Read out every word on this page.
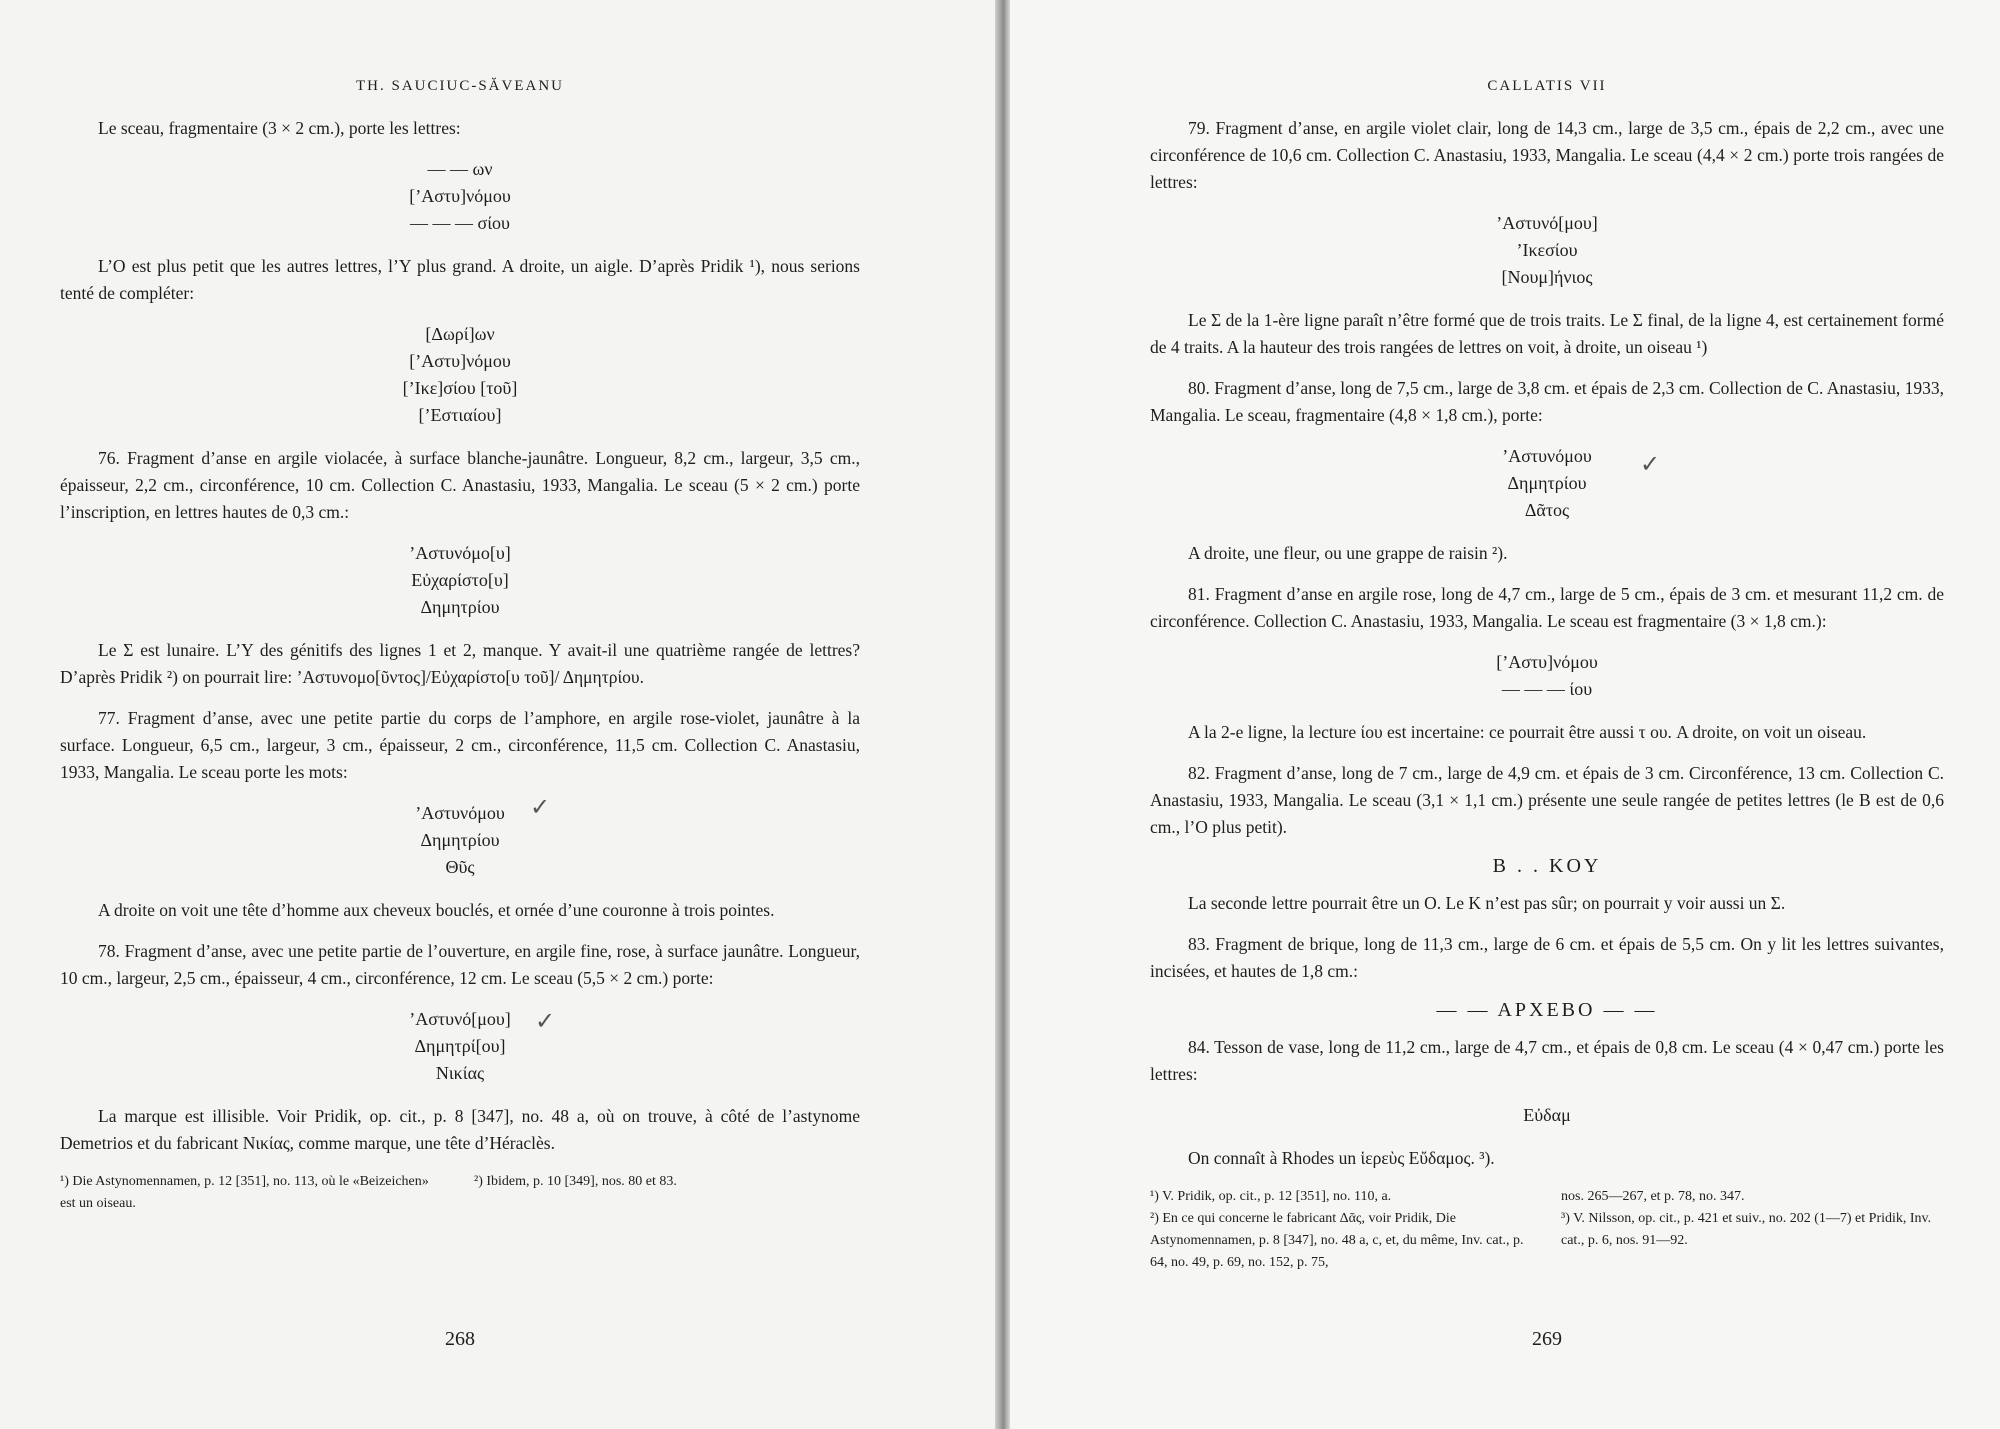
TH. SAUCIUC-SĂVEANU

Le sceau, fragmentaire (3 × 2 cm.), porte les lettres:

— — ων
[ʼΑστυ]νόμου
— — — σίου

L’O est plus petit que les autres lettres, l’Y plus grand. A droite, un aigle. D’après Pridik ¹), nous serions tenté de compléter:

[Δωρί]ων
[ʼΑστυ]νόμου
[ʼΙκε]σίου [τοῦ]
[ʼΕστιαίου]

76. Fragment d’anse en argile violacée, à surface blanche-jaunâtre. Longueur, 8,2 cm., largeur, 3,5 cm., épaisseur, 2,2 cm., circonférence, 10 cm. Collection C. Anastasiu, 1933, Mangalia. Le sceau (5 × 2 cm.) porte l’inscription, en lettres hautes de 0,3 cm.:

ʼΑστυνόμο[υ]
Εὐχαρίστο[υ]
Δημητρίου

Le Σ est lunaire. L’Y des génitifs des lignes 1 et 2, manque. Y avait-il une quatrième rangée de lettres? D’après Pridik ²) on pourrait lire: ʼΑστυνομο[ῦντος]/Εὐχαρίστο[υ τοῦ]/ Δημητρίου.

77. Fragment d’anse, avec une petite partie du corps de l’amphore, en argile rose-violet, jaunâtre à la surface. Longueur, 6,5 cm., largeur, 3 cm., épaisseur, 2 cm., circonférence, 11,5 cm. Collection C. Anastasiu, 1933, Mangalia. Le sceau porte les mots:

ʼΑστυνόμου
Δημητρίου
Θῦς
✓

A droite on voit une tête d’homme aux cheveux bouclés, et ornée d’une couronne à trois pointes.

78. Fragment d’anse, avec une petite partie de l’ouverture, en argile fine, rose, à surface jaunâtre. Longueur, 10 cm., largeur, 2,5 cm., épaisseur, 4 cm., circonférence, 12 cm. Le sceau (5,5 × 2 cm.) porte:

ʼΑστυνό[μου]
Δημητρί[ου]
Νικίας
✓

La marque est illisible. Voir Pridik, op. cit., p. 8 [347], no. 48 a, où on trouve, à côté de l’astynome Demetrios et du fabricant Νικίας, comme marque, une tête d’Héraclès.

¹) Die Astynomennamen, p. 12 [351], no. 113, où le «Beizeichen» est un oiseau.

²) Ibidem, p. 10 [349], nos. 80 et 83.

268
CALLATIS VII

79. Fragment d’anse, en argile violet clair, long de 14,3 cm., large de 3,5 cm., épais de 2,2 cm., avec une circonférence de 10,6 cm. Collection C. Anastasiu, 1933, Mangalia. Le sceau (4,4 × 2 cm.) porte trois rangées de lettres:

ʼΑστυνό[μου]
ʼΙκεσίου
[Νουμ]ήνιος

Le Σ de la 1-ère ligne paraît n’être formé que de trois traits. Le Σ final, de la ligne 4, est certainement formé de 4 traits. A la hauteur des trois rangées de lettres on voit, à droite, un oiseau ¹)

80. Fragment d’anse, long de 7,5 cm., large de 3,8 cm. et épais de 2,3 cm. Collection de C. Anastasiu, 1933, Mangalia. Le sceau, fragmentaire (4,8 × 1,8 cm.), porte:

ʼΑστυνόμου
Δημητρίου
Δᾶτος
✓

A droite, une fleur, ou une grappe de raisin ²).

81. Fragment d’anse en argile rose, long de 4,7 cm., large de 5 cm., épais de 3 cm. et mesurant 11,2 cm. de circonférence. Collection C. Anastasiu, 1933, Mangalia. Le sceau est fragmentaire (3 × 1,8 cm.):

[ʼΑστυ]νόμου
— — — ίου

A la 2-e ligne, la lecture ίου est incertaine: ce pourrait être aussi τ ου. A droite, on voit un oiseau.

82. Fragment d’anse, long de 7 cm., large de 4,9 cm. et épais de 3 cm. Circonférence, 13 cm. Collection C. Anastasiu, 1933, Mangalia. Le sceau (3,1 × 1,1 cm.) présente une seule rangée de petites lettres (le B est de 0,6 cm., l’O plus petit).

B . . KOY

La seconde lettre pourrait être un O. Le K n’est pas sûr; on pourrait y voir aussi un Σ.

83. Fragment de brique, long de 11,3 cm., large de 6 cm. et épais de 5,5 cm. On y lit les lettres suivantes, incisées, et hautes de 1,8 cm.:

— — APXEBO — —

84. Tesson de vase, long de 11,2 cm., large de 4,7 cm., et épais de 0,8 cm. Le sceau (4 × 0,47 cm.) porte les lettres:

Εὐδαμ

On connaît à Rhodes un ἱερεὺς Εὔδαμος. ³).

¹) V. Pridik, op. cit., p. 12 [351], no. 110, a.

²) En ce qui concerne le fabricant Δᾶς, voir Pridik, Die Astynomennamen, p. 8 [347], no. 48 a, c, et, du même, Inv. cat., p. 64, no. 49, p. 69, no. 152, p. 75,

nos. 265—267, et p. 78, no. 347.

³) V. Nilsson, op. cit., p. 421 et suiv., no. 202 (1—7) et Pridik, Inv. cat., p. 6, nos. 91—92.

269
